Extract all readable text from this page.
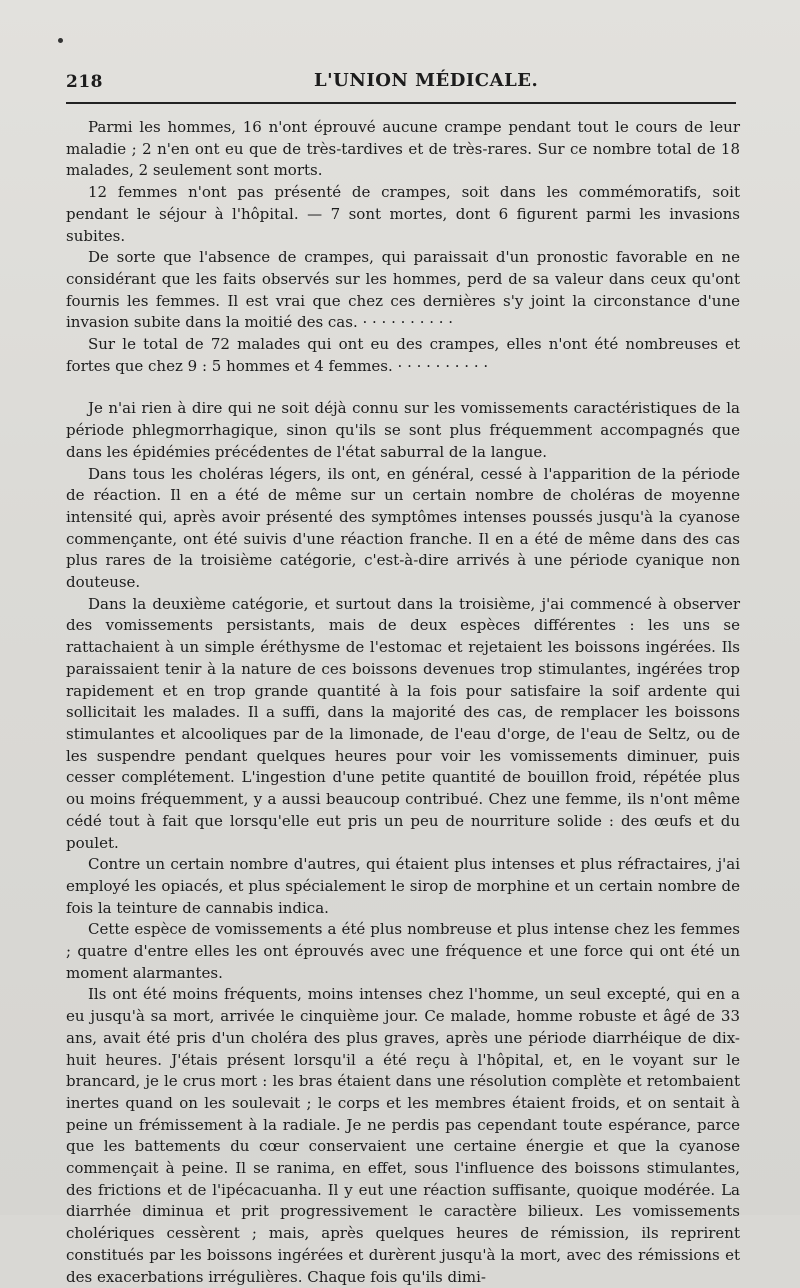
218	L'UNION MÉDICALE.

Parmi les hommes, 16 n'ont éprouvé aucune crampe pendant tout le cours de leur maladie ; 2 n'en ont eu que de très-tardives et de très-rares. Sur ce nombre total de 18 malades, 2 seulement sont morts.

12 femmes n'ont pas présenté de crampes, soit dans les commémoratifs, soit pendant le séjour à l'hôpital. — 7 sont mortes, dont 6 figurent parmi les invasions subites.

De sorte que l'absence de crampes, qui paraissait d'un pronostic favorable en ne considérant que les faits observés sur les hommes, perd de sa valeur dans ceux qu'ont fournis les femmes. Il est vrai que chez ces dernières s'y joint la circonstance d'une invasion subite dans la moitié des cas. · · · · · · · · · ·

Sur le total de 72 malades qui ont eu des crampes, elles n'ont été nombreuses et fortes que chez 9 : 5 hommes et 4 femmes. · · · · · · · · · ·

Je n'ai rien à dire qui ne soit déjà connu sur les vomissements caractéristiques de la période phlegmorrhagique, sinon qu'ils se sont plus fréquemment accompagnés que dans les épidémies précédentes de l'état saburral de la langue.

Dans tous les choléras légers, ils ont, en général, cessé à l'apparition de la période de réaction. Il en a été de même sur un certain nombre de choléras de moyenne intensité qui, après avoir présenté des symptômes intenses poussés jusqu'à la cyanose commençante, ont été suivis d'une réaction franche. Il en a été de même dans des cas plus rares de la troisième catégorie, c'est-à-dire arrivés à une période cyanique non douteuse.

Dans la deuxième catégorie, et surtout dans la troisième, j'ai commencé à observer des vomissements persistants, mais de deux espèces différentes : les uns se rattachaient à un simple éréthysme de l'estomac et rejetaient les boissons ingérées. Ils paraissaient tenir à la nature de ces boissons devenues trop stimulantes, ingérées trop rapidement et en trop grande quantité à la fois pour satisfaire la soif ardente qui sollicitait les malades. Il a suffi, dans la majorité des cas, de remplacer les boissons stimulantes et alcooliques par de la limonade, de l'eau d'orge, de l'eau de Seltz, ou de les suspendre pendant quelques heures pour voir les vomissements diminuer, puis cesser complétement. L'ingestion d'une petite quantité de bouillon froid, répétée plus ou moins fréquemment, y a aussi beaucoup contribué. Chez une femme, ils n'ont même cédé tout à fait que lorsqu'elle eut pris un peu de nourriture solide : des œufs et du poulet.

Contre un certain nombre d'autres, qui étaient plus intenses et plus réfractaires, j'ai employé les opiacés, et plus spécialement le sirop de morphine et un certain nombre de fois la teinture de cannabis indica.

Cette espèce de vomissements a été plus nombreuse et plus intense chez les femmes ; quatre d'entre elles les ont éprouvés avec une fréquence et une force qui ont été un moment alarmantes.

Ils ont été moins fréquents, moins intenses chez l'homme, un seul excepté, qui en a eu jusqu'à sa mort, arrivée le cinquième jour. Ce malade, homme robuste et âgé de 33 ans, avait été pris d'un choléra des plus graves, après une période diarrhéique de dix-huit heures. J'étais présent lorsqu'il a été reçu à l'hôpital, et, en le voyant sur le brancard, je le crus mort : les bras étaient dans une résolution complète et retombaient inertes quand on les soulevait ; le corps et les membres étaient froids, et on sentait à peine un frémissement à la radiale. Je ne perdis pas cependant toute espérance, parce que les battements du cœur conservaient une certaine énergie et que la cyanose commençait à peine. Il se ranima, en effet, sous l'influence des boissons stimulantes, des frictions et de l'ipécacuanha. Il y eut une réaction suffisante, quoique modérée. La diarrhée diminua et prit progressivement le caractère bilieux. Les vomissements cholériques cessèrent ; mais, après quelques heures de rémission, ils reprirent constitués par les boissons ingérées et durèrent jusqu'à la mort, avec des rémissions et des exacerbations irrégulières. Chaque fois qu'ils dimi-
